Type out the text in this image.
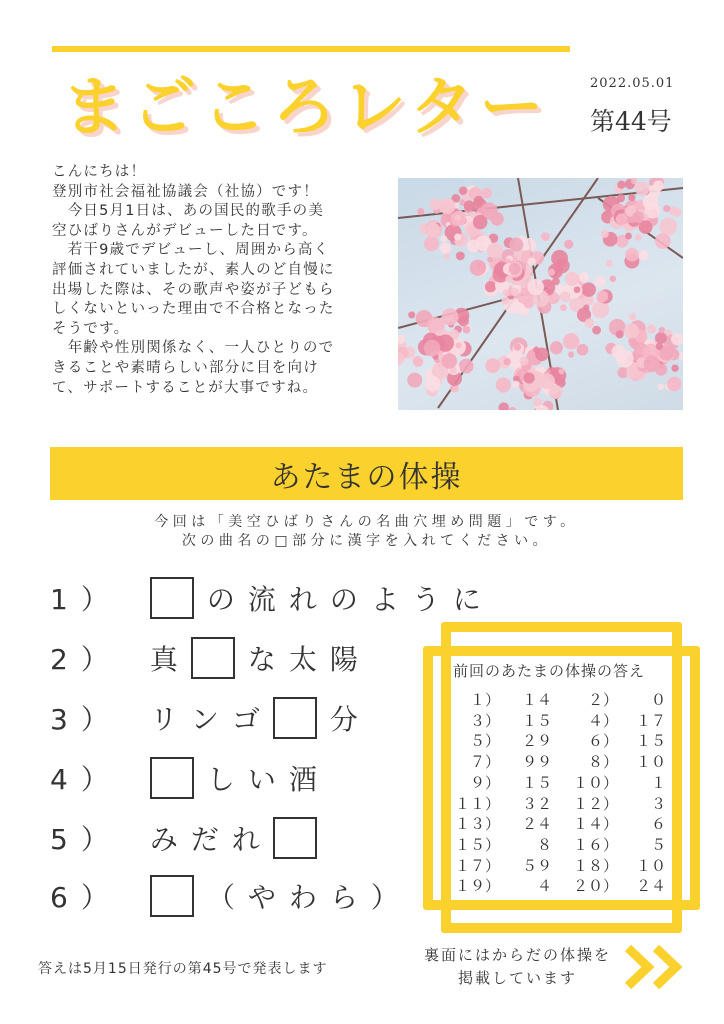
まごころレター	2022.05.01
第44号

こんにちは！

登別市社会福祉協議会（社協）です！

　今日5月1日は、あの国民的歌手の美

空ひばりさんがデビューした日です。

　若干9歳でデビューし、周囲から高く

評価されていましたが、素人のど自慢に

出場した際は、その歌声や姿が子どもら

しくないといった理由で不合格となった

そうです。

　年齢や性別関係なく、一人ひとりので

きることや素晴らしい部分に目を向け

て、サポートすることが大事ですね。

あたまの体操
今回は「美空ひばりさんの名曲穴埋め問題」です。
次の曲名の□部分に漢字を入れてください。
1）	の流れのように
2） 真 な太陽
3） リンゴ 分
4）	しい酒
5） みだれ
6）	（やわら）
前回のあたまの体操の答え
１）	１４	２）	０
３）	１５	４）	１７
５）	２９	６）	１５
７）	９９	８）	１０
９）	１５	１０）	１
１１）	３２	１２）	３
１３）	２４	１４）	６
１５）	８	１６）	５
１７）	５９	１８）	１０
１９）	４	２０）	２４
答えは5月15日発行の第45号で発表します
裏面にはからだの体操を
掲載しています
